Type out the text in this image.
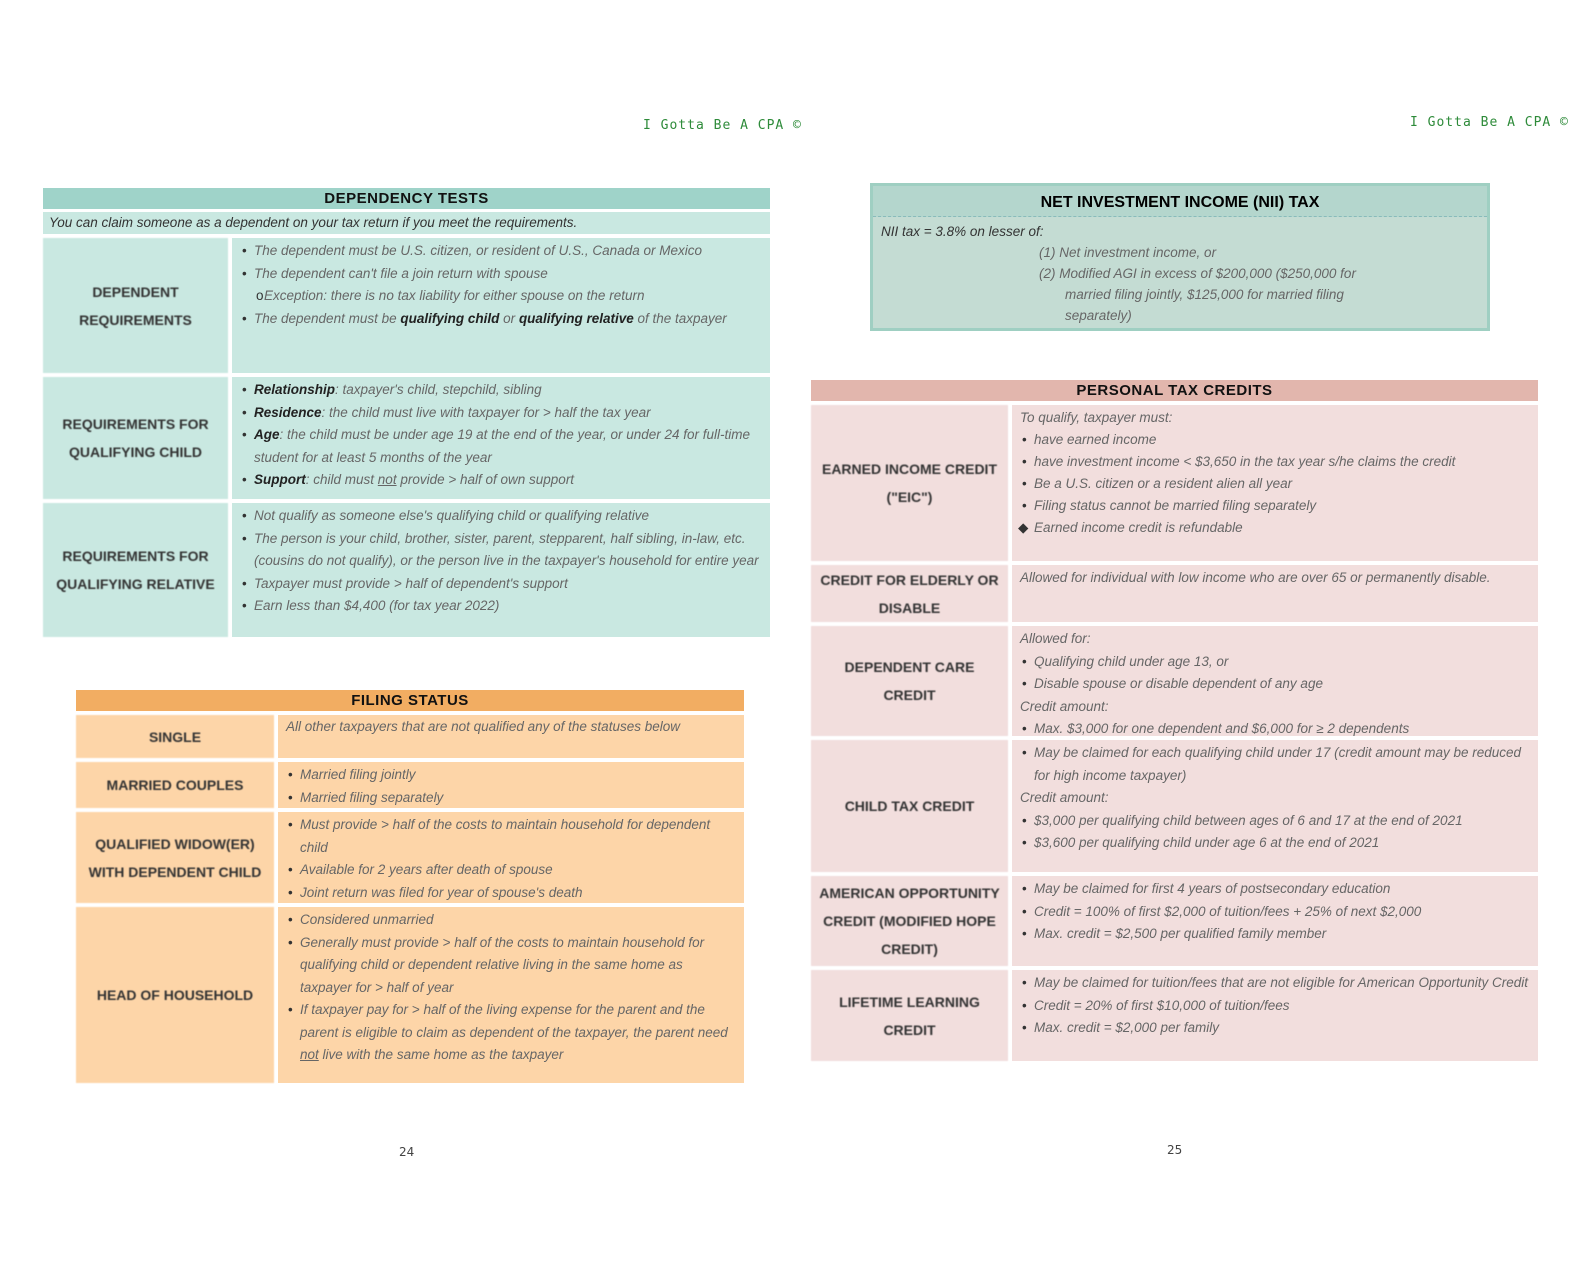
I Gotta Be A CPA ©	I Gotta Be A CPA ©
24	25
DEPENDENCY TESTS
You can claim someone as a dependent on your tax return if you meet the requirements.
DEPENDENT REQUIREMENTS
• The dependent must be U.S. citizen, or resident of U.S., Canada or Mexico
• The dependent can't file a join return with spouse
o Exception: there is no tax liability for either spouse on the return
• The dependent must be qualifying child or qualifying relative of the taxpayer
REQUIREMENTS FOR QUALIFYING CHILD
• Relationship: taxpayer's child, stepchild, sibling
• Residence: the child must live with taxpayer for > half the tax year
• Age: the child must be under age 19 at the end of the year, or under 24 for full-time student for at least 5 months of the year
• Support: child must not provide > half of own support
REQUIREMENTS FOR QUALIFYING RELATIVE
• Not qualify as someone else's qualifying child or qualifying relative
• The person is your child, brother, sister, parent, stepparent, half sibling, in-law, etc. (cousins do not qualify), or the person live in the taxpayer's household for entire year
• Taxpayer must provide > half of dependent's support
• Earn less than $4,400 (for tax year 2022)
FILING STATUS
SINGLE
All other taxpayers that are not qualified any of the statuses below
MARRIED COUPLES
• Married filing jointly
• Married filing separately
QUALIFIED WIDOW(ER) WITH DEPENDENT CHILD
• Must provide > half of the costs to maintain household for dependent child
• Available for 2 years after death of spouse
• Joint return was filed for year of spouse's death
HEAD OF HOUSEHOLD
• Considered unmarried
• Generally must provide > half of the costs to maintain household for qualifying child or dependent relative living in the same home as taxpayer for > half of year
• If taxpayer pay for > half of the living expense for the parent and the parent is eligible to claim as dependent of the taxpayer, the parent need not live with the same home as the taxpayer
NET INVESTMENT INCOME (NII) TAX
NII tax = 3.8% on lesser of:
(1) Net investment income, or
(2) Modified AGI in excess of $200,000 ($250,000 for
married filing jointly, $125,000 for married filing
separately)
PERSONAL TAX CREDITS
EARNED INCOME CREDIT ("EIC")
To qualify, taxpayer must:
• have earned income
• have investment income < $3,650 in the tax year s/he claims the credit
• Be a U.S. citizen or a resident alien all year
• Filing status cannot be married filing separately
◆ Earned income credit is refundable
CREDIT FOR ELDERLY OR DISABLE
Allowed for individual with low income who are over 65 or permanently disable.
DEPENDENT CARE CREDIT
Allowed for:
• Qualifying child under age 13, or
• Disable spouse or disable dependent of any age
Credit amount:
• Max. $3,000 for one dependent and $6,000 for ≥ 2 dependents
CHILD TAX CREDIT
• May be claimed for each qualifying child under 17 (credit amount may be reduced for high income taxpayer)
Credit amount:
• $3,000 per qualifying child between ages of 6 and 17 at the end of 2021
• $3,600 per qualifying child under age 6 at the end of 2021
AMERICAN OPPORTUNITY CREDIT (MODIFIED HOPE CREDIT)
• May be claimed for first 4 years of postsecondary education
• Credit = 100% of first $2,000 of tuition/fees + 25% of next $2,000
• Max. credit = $2,500 per qualified family member
LIFETIME LEARNING CREDIT
• May be claimed for tuition/fees that are not eligible for American Opportunity Credit
• Credit = 20% of first $10,000 of tuition/fees
• Max. credit = $2,000 per family
